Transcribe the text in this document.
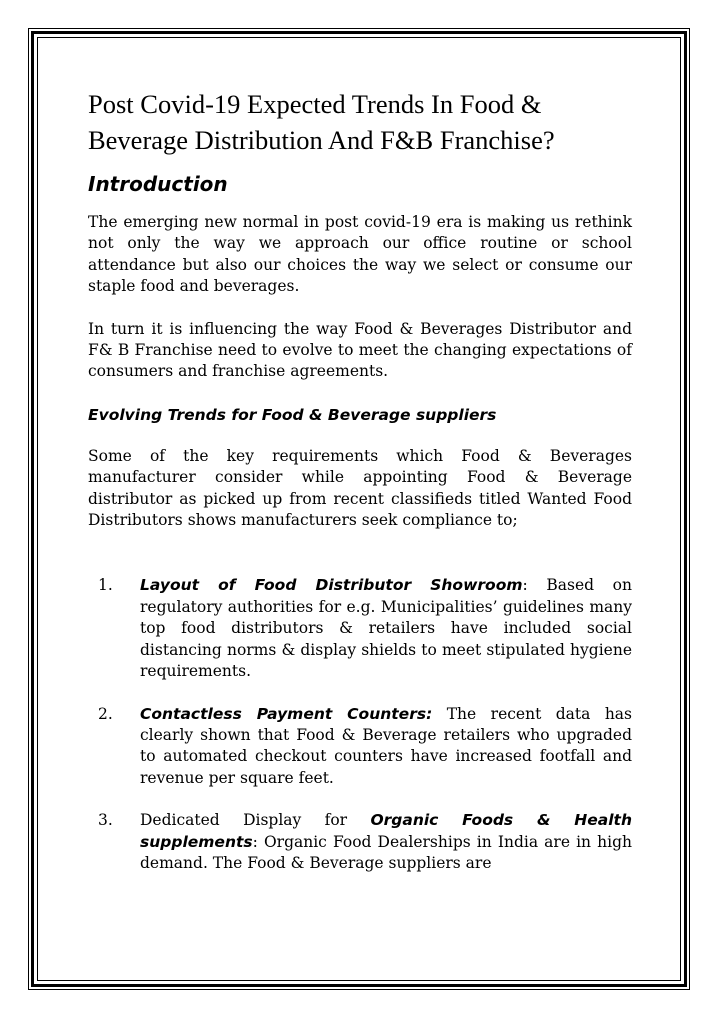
Post Covid-19 Expected Trends In Food & Beverage Distribution And F&B Franchise?
Introduction

The emerging new normal in post covid-19 era is making us rethink not only the way we approach our office routine or school attendance but also our choices the way we select or consume our staple food and beverages.

In turn it is influencing the way Food & Beverages Distributor and F& B Franchise need to evolve to meet the changing expectations of consumers and franchise agreements.

Evolving Trends for Food & Beverage suppliers

Some of the key requirements which Food & Beverages manufacturer consider while appointing Food & Beverage distributor as picked up from recent classifieds titled Wanted Food Distributors shows manufacturers seek compliance to;

1. Layout of Food Distributor Showroom: Based on regulatory authorities for e.g. Municipalities’ guidelines many top food distributors & retailers have included social distancing norms & display shields to meet stipulated hygiene requirements.
2. Contactless Payment Counters: The recent data has clearly shown that Food & Beverage retailers who upgraded to automated checkout counters have increased footfall and revenue per square feet.
3. Dedicated Display for Organic Foods & Health supplements: Organic Food Dealerships in India are in high demand. The Food & Beverage suppliers are
